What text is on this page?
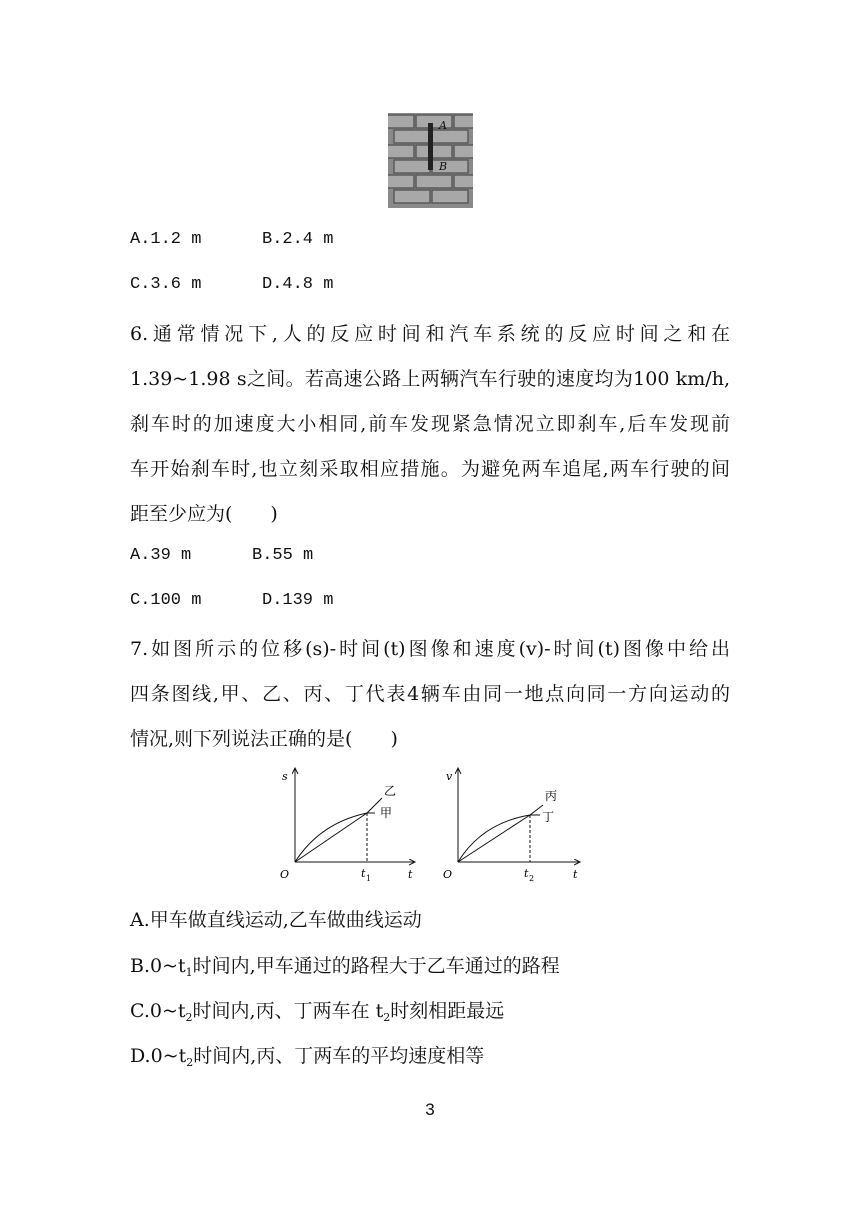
A
B
A.1.2 m	B.2.4 m
C.3.6 m	D.4.8 m
6.通常情况下,人的反应时间和汽车系统的反应时间之和在
1.39~1.98 s之间。若高速公路上两辆汽车行驶的速度均为100 km/h,
刹车时的加速度大小相同,前车发现紧急情况立即刹车,后车发现前
车开始刹车时,也立刻采取相应措施。为避免两车追尾,两车行驶的间
距至少应为(　　)
A.39 m	B.55 m
C.100 m	D.139 m
7.如图所示的位移(s)-时间(t)图像和速度(v)-时间(t)图像中给出
四条图线,甲、乙、丙、丁代表4辆车由同一地点向同一方向运动的
情况,则下列说法正确的是(　　)
s
t
O
乙
甲
t 1
v
t
O
丙
丁
t 2
A.甲车做直线运动,乙车做曲线运动
$B.0\sim t_1$时间内,甲车通过的路程大于乙车通过的路程
$C.0\sim t_2$时间内,丙、丁两车在 $t_2$时刻相距最远
$D.0\sim t_2$时间内,丙、丁两车的平均速度相等
3
